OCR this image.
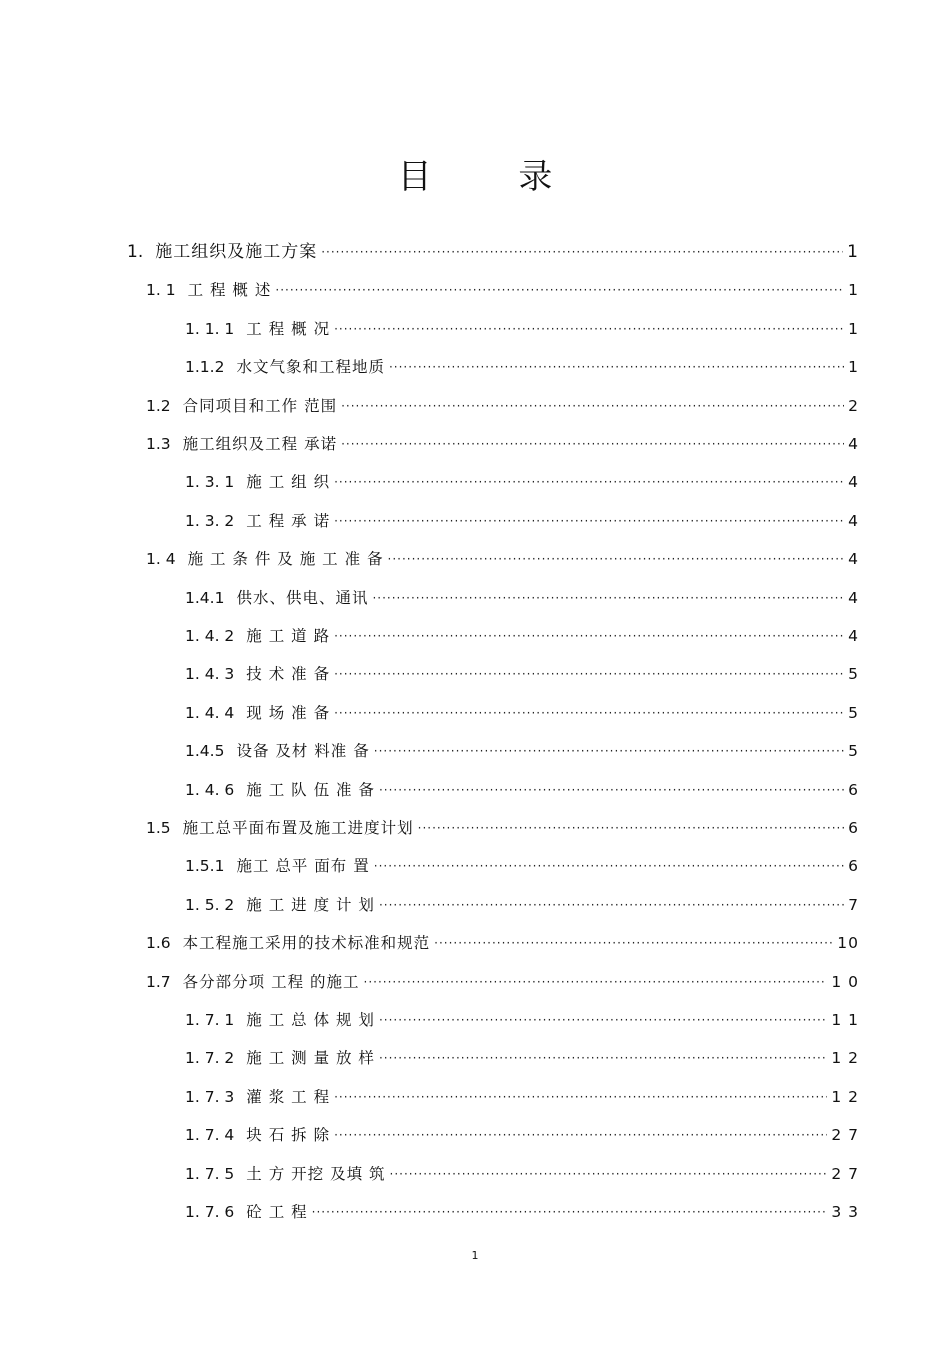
目 录
1. 施工组织及施工方案 ·····	1
1. 1 工 程 概 述 ·····	1
1. 1. 1 工 程 概 况 ·····	1
1.1.2 水文气象和工程地质 ·····	1
1.2 合同项目和工作 范围 ·····	2
1.3 施工组织及工程 承诺 ·····	4
1. 3. 1 施 工 组 织 ·····	4
1. 3. 2 工 程 承 诺 ·····	4
1. 4 施 工 条 件 及 施 工 准 备 ·····	4
1.4.1 供水、供电、通讯 ·····	4
1. 4. 2 施 工 道 路 ·····	4
1. 4. 3 技 术 准 备 ·····	5
1. 4. 4 现 场 准 备 ·····	5
1.4.5 设备 及材 料准 备 ·····	5
1. 4. 6 施 工 队 伍 准 备 ·····	6
1.5 施工总平面布置及施工进度计划 ·····	6
1.5.1 施工 总平 面布 置 ·····	6
1. 5. 2 施 工 进 度 计 划 ·····	7
1.6 本工程施工采用的技术标准和规范 ·····	10
1.7 各分部分项 工程 的施工 ·····	1 0
1. 7. 1 施 工 总 体 规 划 ·····	1 1
1. 7. 2 施 工 测 量 放 样 ·····	1 2
1. 7. 3 灌 浆 工 程 ·····	1 2
1. 7. 4 块 石 拆 除 ·····	2 7
1. 7. 5 土 方 开挖 及填 筑 ·····	2 7
1. 7. 6 砼 工 程 ·····	3 3
1
